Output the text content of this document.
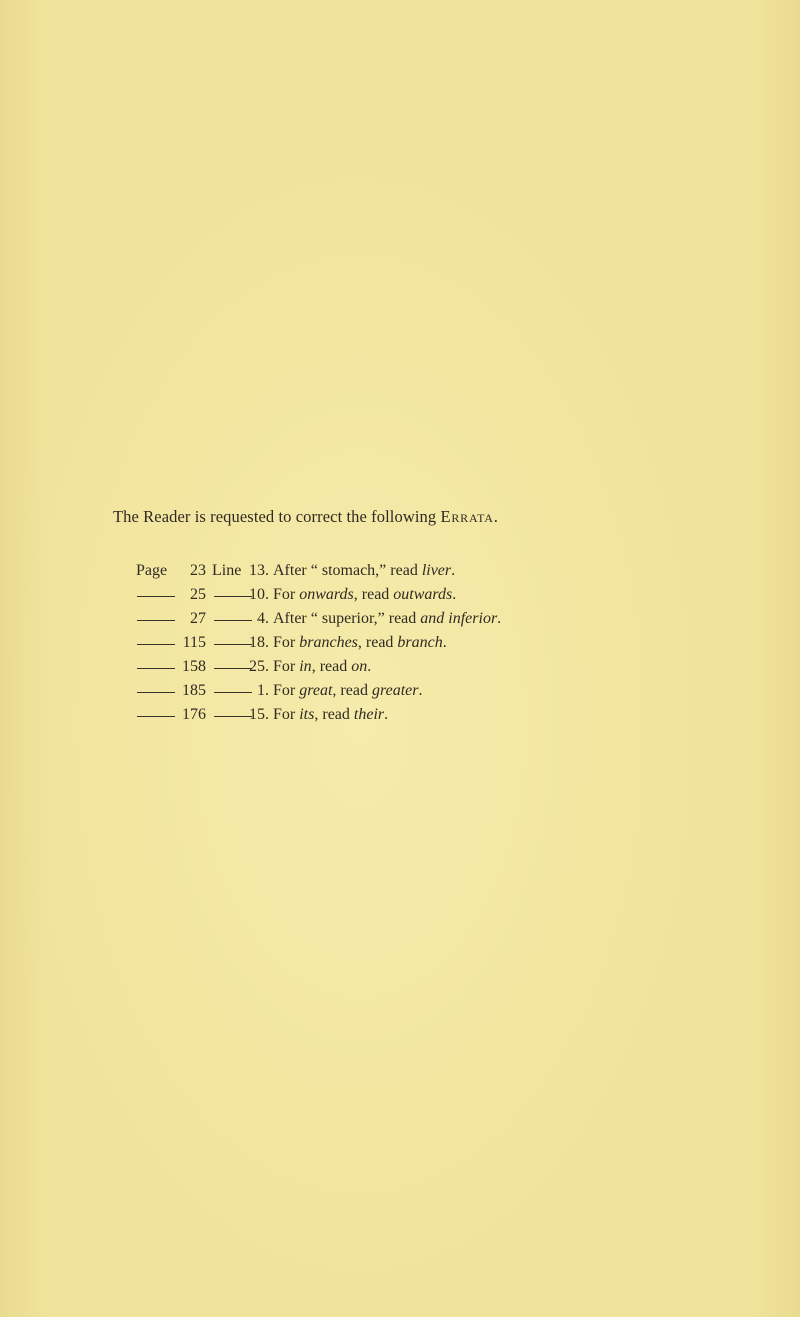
The Reader is requested to correct the following Errata.
Page 23 Line 13. After “ stomach,” read liver.
25	10. For onwards, read outwards.
27	4. After “ superior,” read and inferior.
115	18. For branches, read branch.
158	25. For in, read on.
185	1. For great, read greater.
176	15. For its, read their.
